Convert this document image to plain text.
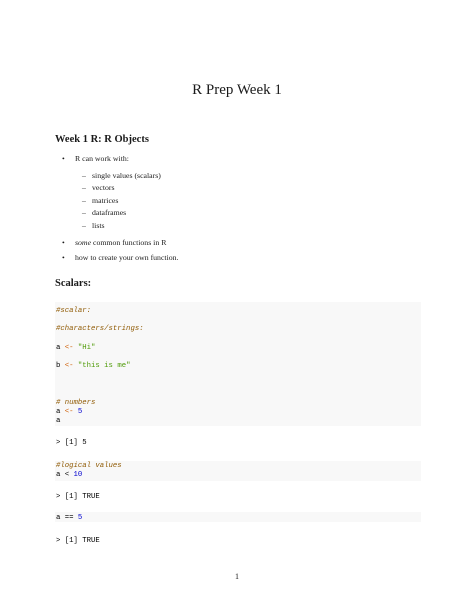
R Prep Week 1
Week 1 R: R Objects
• R can work with:
• some common functions in R
• how to create your own function.
– single values (scalars)
– vectors
– matrices
– dataframes
– lists
Scalars:
#scalar:
#characters/strings:
a <- "Hi"
b <- "this is me"
# numbers
a <- 5
a
> [1] 5
#logical values
a < 10
> [1] TRUE
a == 5
> [1] TRUE
1
